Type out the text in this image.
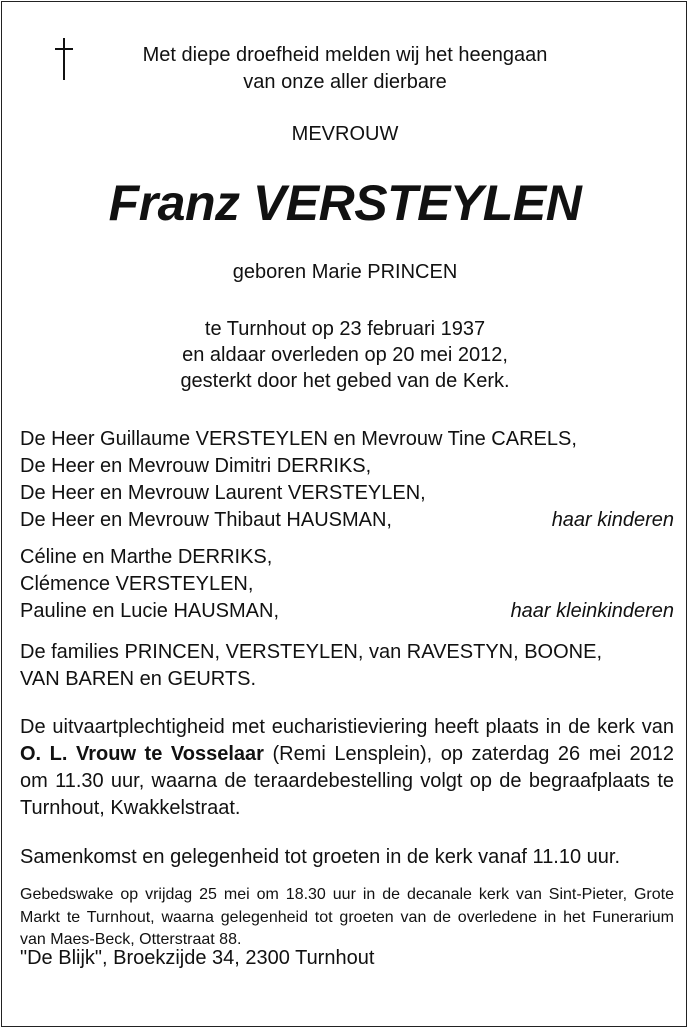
Met diepe droefheid melden wij het heengaan
van onze aller dierbare
MEVROUW
Franz VERSTEYLEN
geboren Marie PRINCEN
te Turnhout op 23 februari 1937
en aldaar overleden op 20 mei 2012,
gesterkt door het gebed van de Kerk.
De Heer Guillaume VERSTEYLEN en Mevrouw Tine CARELS,
De Heer en Mevrouw Dimitri DERRIKS,
De Heer en Mevrouw Laurent VERSTEYLEN,
De Heer en Mevrouw Thibaut HAUSMAN,	haar kinderen
Céline en Marthe DERRIKS,
Clémence VERSTEYLEN,
Pauline en Lucie HAUSMAN,	haar kleinkinderen
De families PRINCEN, VERSTEYLEN, van RAVESTYN, BOONE,
VAN BAREN en GEURTS.
De uitvaartplechtigheid met eucharistieviering heeft plaats in de kerk van O. L. Vrouw te Vosselaar (Remi Lensplein), op zaterdag 26 mei 2012 om 11.30 uur, waarna de teraardebestelling volgt op de begraafplaats te Turnhout, Kwakkelstraat.
Samenkomst en gelegenheid tot groeten in de kerk vanaf 11.10 uur.
Gebedswake op vrijdag 25 mei om 18.30 uur in de decanale kerk van Sint-Pieter, Grote Markt te Turnhout, waarna gelegenheid tot groeten van de overledene in het Funerarium van Maes-Beck, Otterstraat 88.
"De Blijk", Broekzijde 34, 2300 Turnhout
